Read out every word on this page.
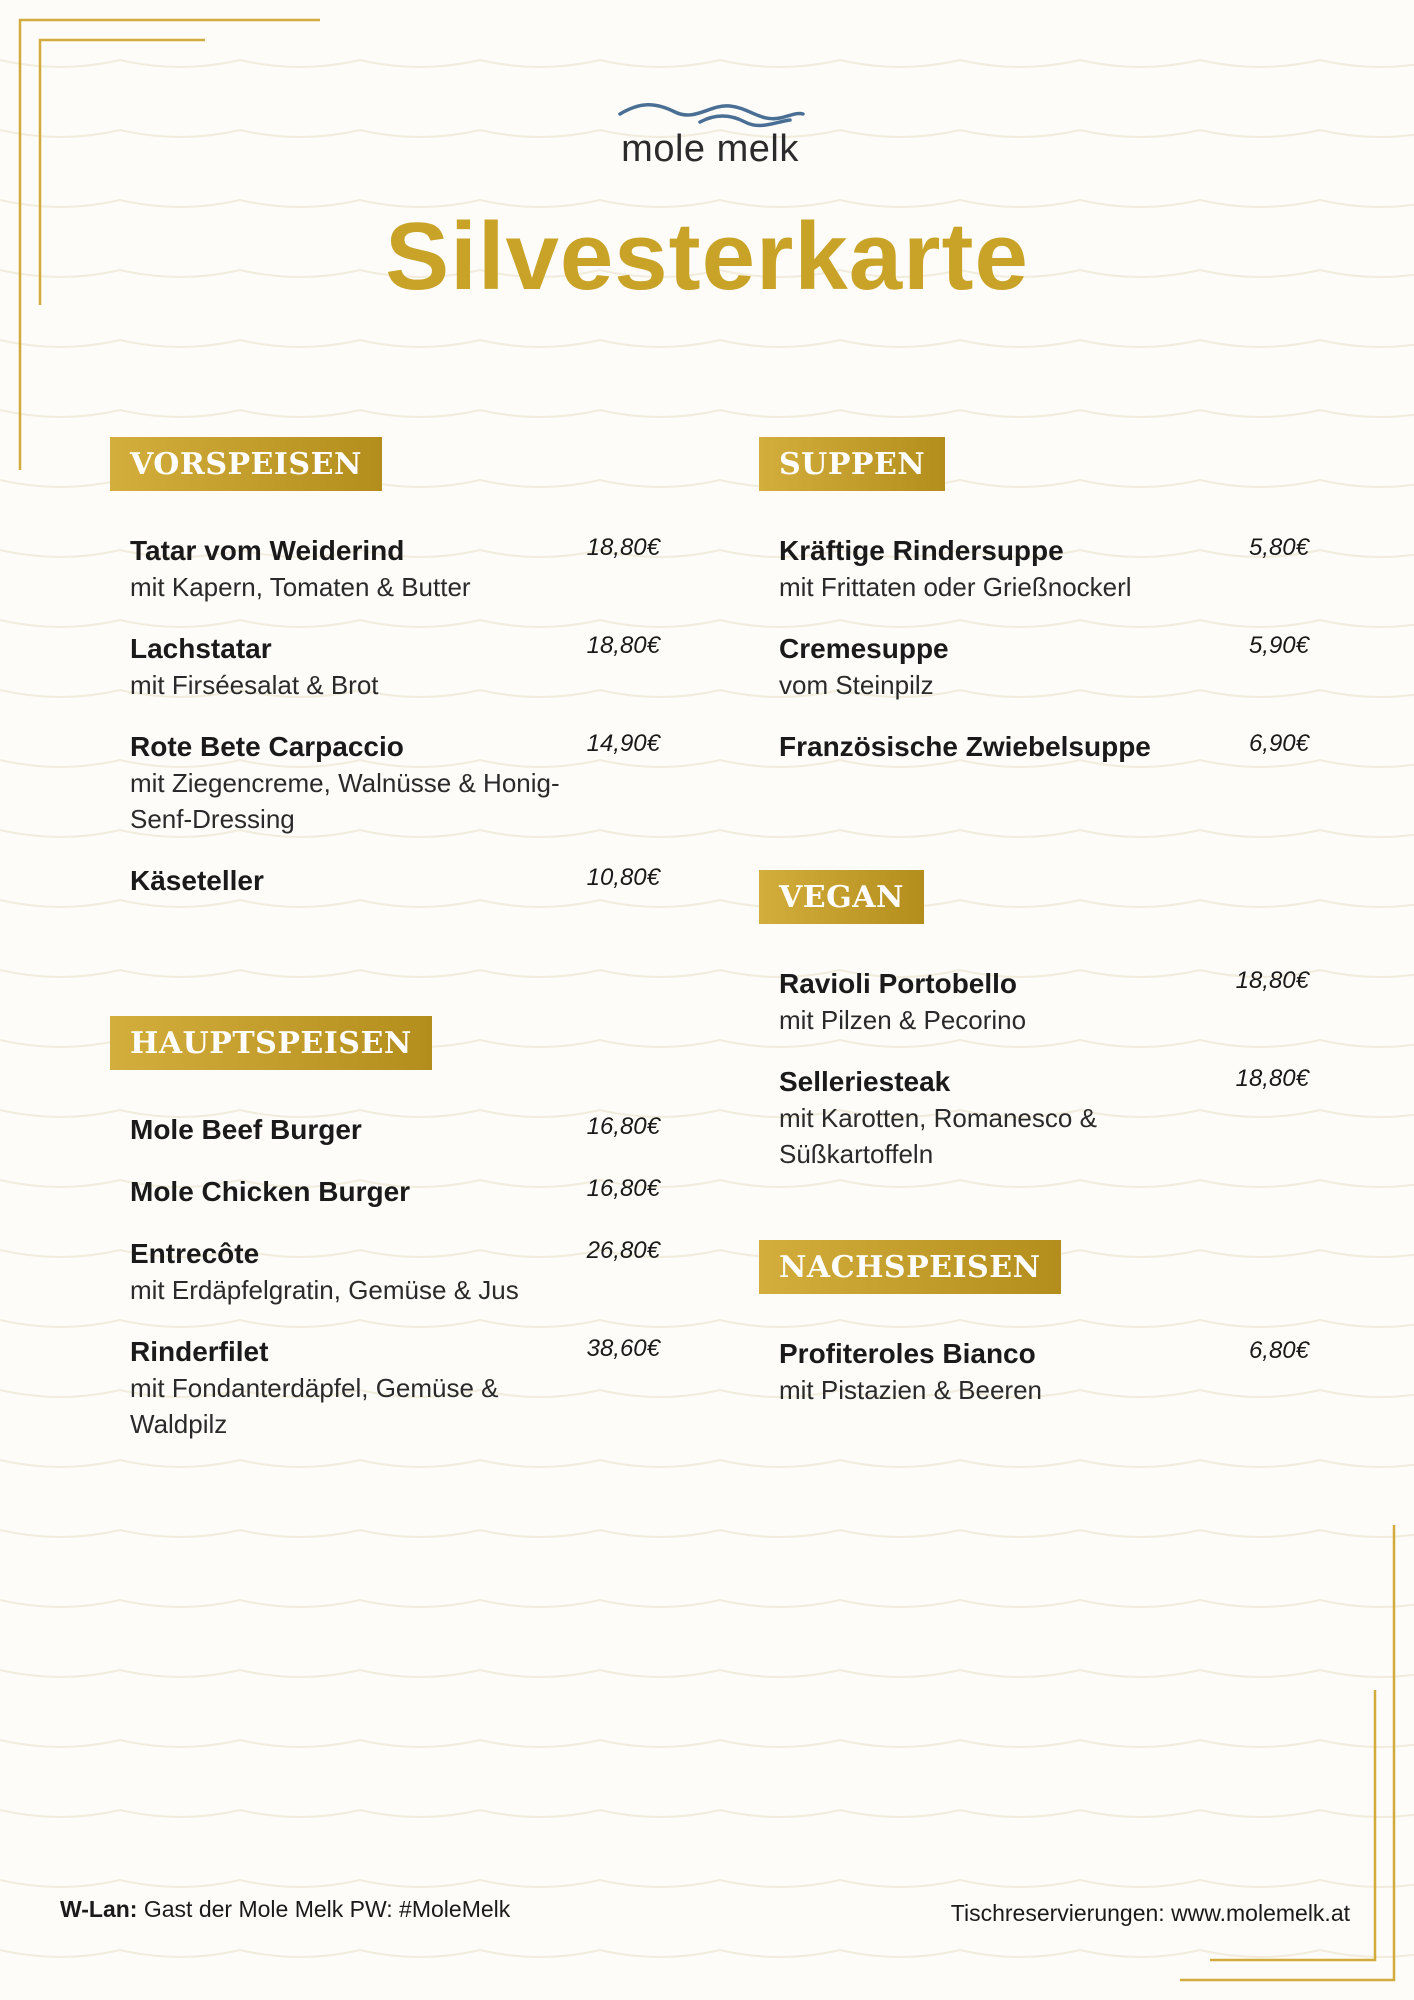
mole melk
Silvesterkarte
VORSPEISEN
Tatar vom Weiderind	18,80€
mit Kapern, Tomaten & Butter
Lachstatar	18,80€
mit Firséesalat & Brot
Rote Bete Carpaccio	14,90€
mit Ziegencreme, Walnüsse & Honig-Senf-Dressing
Käseteller	10,80€
HAUPTSPEISEN
Mole Beef Burger	16,80€
Mole Chicken Burger	16,80€
Entrecôte	26,80€
mit Erdäpfelgratin, Gemüse & Jus
Rinderfilet	38,60€
mit Fondanterdäpfel, Gemüse & Waldpilz
SUPPEN
Kräftige Rindersuppe	5,80€
mit Frittaten oder Grießnockerl
Cremesuppe	5,90€
vom Steinpilz
Französische Zwiebelsuppe	6,90€
VEGAN
Ravioli Portobello	18,80€
mit Pilzen & Pecorino
Selleriesteak	18,80€
mit Karotten, Romanesco & Süßkartoffeln
NACHSPEISEN
Profiteroles Bianco	6,80€
mit Pistazien & Beeren
W-Lan: Gast der Mole Melk PW: #MoleMelk	Tischreservierungen: www.molemelk.at
